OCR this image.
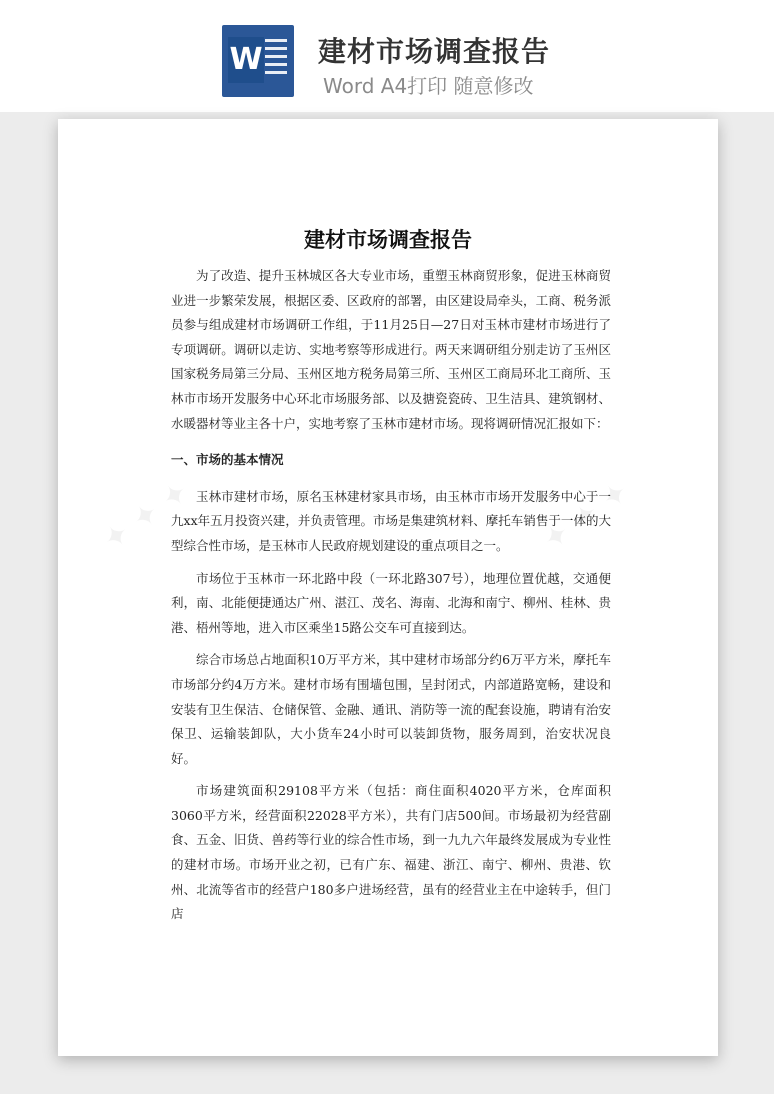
W 建材市场调查报告
Word A4打印 随意修改
✦ ✦ ✦	✦ ✦ ✦
建材市场调查报告

为了改造、提升玉林城区各大专业市场，重塑玉林商贸形象，促进玉林商贸业进一步繁荣发展，根据区委、区政府的部署，由区建设局牵头，工商、税务派员参与组成建材市场调研工作组，于11月25日—27日对玉林市建材市场进行了专项调研。调研以走访、实地考察等形成进行。两天来调研组分别走访了玉州区国家税务局第三分局、玉州区地方税务局第三所、玉州区工商局环北工商所、玉林市市场开发服务中心环北市场服务部、以及搪瓷瓷砖、卫生洁具、建筑钢材、水暖器材等业主各十户，实地考察了玉林市建材市场。现将调研情况汇报如下：

一、市场的基本情况

玉林市建材市场，原名玉林建材家具市场，由玉林市市场开发服务中心于一九xx年五月投资兴建，并负责管理。市场是集建筑材料、摩托车销售于一体的大型综合性市场，是玉林市人民政府规划建设的重点项目之一。

市场位于玉林市一环北路中段（一环北路307号），地理位置优越，交通便利，南、北能便捷通达广州、湛江、茂名、海南、北海和南宁、柳州、桂林、贵港、梧州等地，进入市区乘坐15路公交车可直接到达。

综合市场总占地面积10万平方米，其中建材市场部分约6万平方米，摩托车市场部分约4万方米。建材市场有围墙包围，呈封闭式，内部道路宽畅，建设和安装有卫生保洁、仓储保管、金融、通讯、消防等一流的配套设施，聘请有治安保卫、运输装卸队，大小货车24小时可以装卸货物，服务周到，治安状况良好。

市场建筑面积29108平方米（包括：商住面积4020平方米，仓库面积3060平方米，经营面积22028平方米），共有门店500间。市场最初为经营副食、五金、旧货、兽药等行业的综合性市场，到一九九六年最终发展成为专业性的建材市场。市场开业之初，已有广东、福建、浙江、南宁、柳州、贵港、钦州、北流等省市的经营户180多户进场经营，虽有的经营业主在中途转手，但门店
